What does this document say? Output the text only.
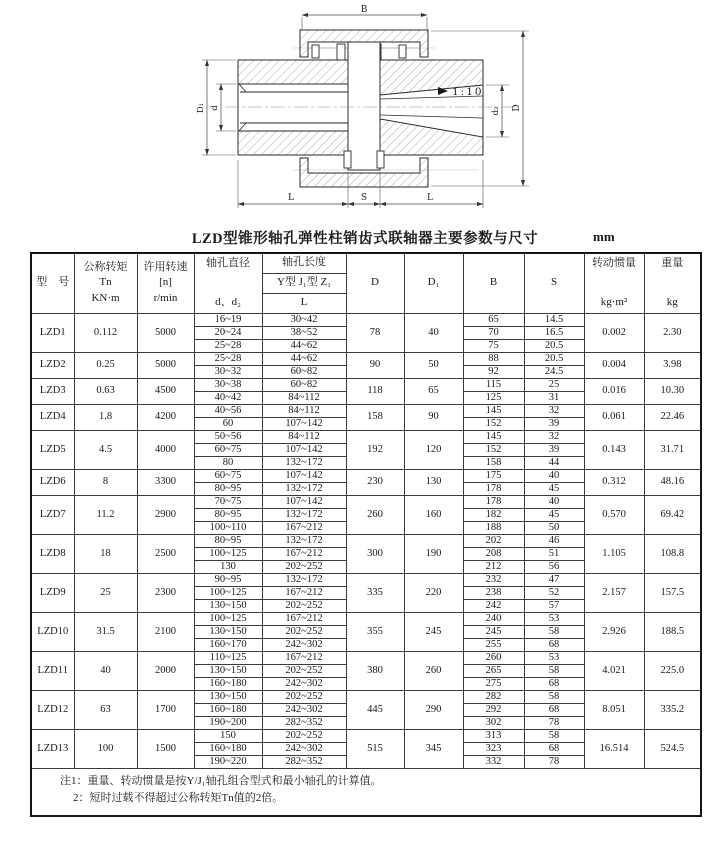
B
D
d₂
D₁ d
L	S	L
1:10
LZD型锥形轴孔弹性柱销齿式联轴器主要参数与尺寸	mm
型　号	公称转矩
Tn
KN·m	许用转速
[n]
r/min	轴孔直径
d、d₂	轴孔长度	D	D₁	B	S	转动惯量
kg·m²	重量
kg

				Y型 J₁型 Z₁						
				L						
LZD1	0.112	5000	16~19	30~42	78	40	65	14.5	0.002	2.30
			20~24	38~52			70	16.5		
			25~28	44~62			75	20.5		
LZD2	0.25	5000	25~28	44~62	90	50	88	20.5	0.004	3.98
			30~32	60~82			92	24.5		
LZD3	0.63	4500	30~38	60~82	118	65	115	25	0.016	10.30
			40~42	84~112			125	31		
LZD4	1.8	4200	40~56	84~112	158	90	145	32	0.061	22.46
			60	107~142			152	39		
LZD5	4.5	4000	50~56	84~112	192	120	145	32	0.143	31.71
			60~75	107~142			152	39		
			80	132~172			158	44		
LZD6	8	3300	60~75	107~142	230	130	175	40	0.312	48.16
			80~95	132~172			178	45		
LZD7	11.2	2900	70~75	107~142	260	160	178	40	0.570	69.42
			80~95	132~172			182	45		
			100~110	167~212			188	50		
LZD8	18	2500	80~95	132~172	300	190	202	46	1.105	108.8
			100~125	167~212			208	51		
			130	202~252			212	56		
LZD9	25	2300	90~95	132~172	335	220	232	47	2.157	157.5
			100~125	167~212			238	52		
			130~150	202~252			242	57		
LZD10	31.5	2100	100~125	167~212	355	245	240	53	2.926	188.5
			130~150	202~252			245	58		
			160~170	242~302			255	68		
LZD11	40	2000	110~125	167~212	380	260	260	53	4.021	225.0
			130~150	202~252			265	58		
			160~180	242~302			275	68		
LZD12	63	1700	130~150	202~252	445	290	282	58	8.051	335.2
			160~180	242~302			292	68		
			190~200	282~352			302	78		
LZD13	100	1500	150	202~252	515	345	313	58	16.514	524.5
			160~180	242~302			323	68		
			190~220	282~352			332	78		

注1：重量、转动惯量是按Y/J₁轴孔组合型式和最小轴孔的计算值。
2：短时过载不得超过公称转矩Tn值的2倍。										
